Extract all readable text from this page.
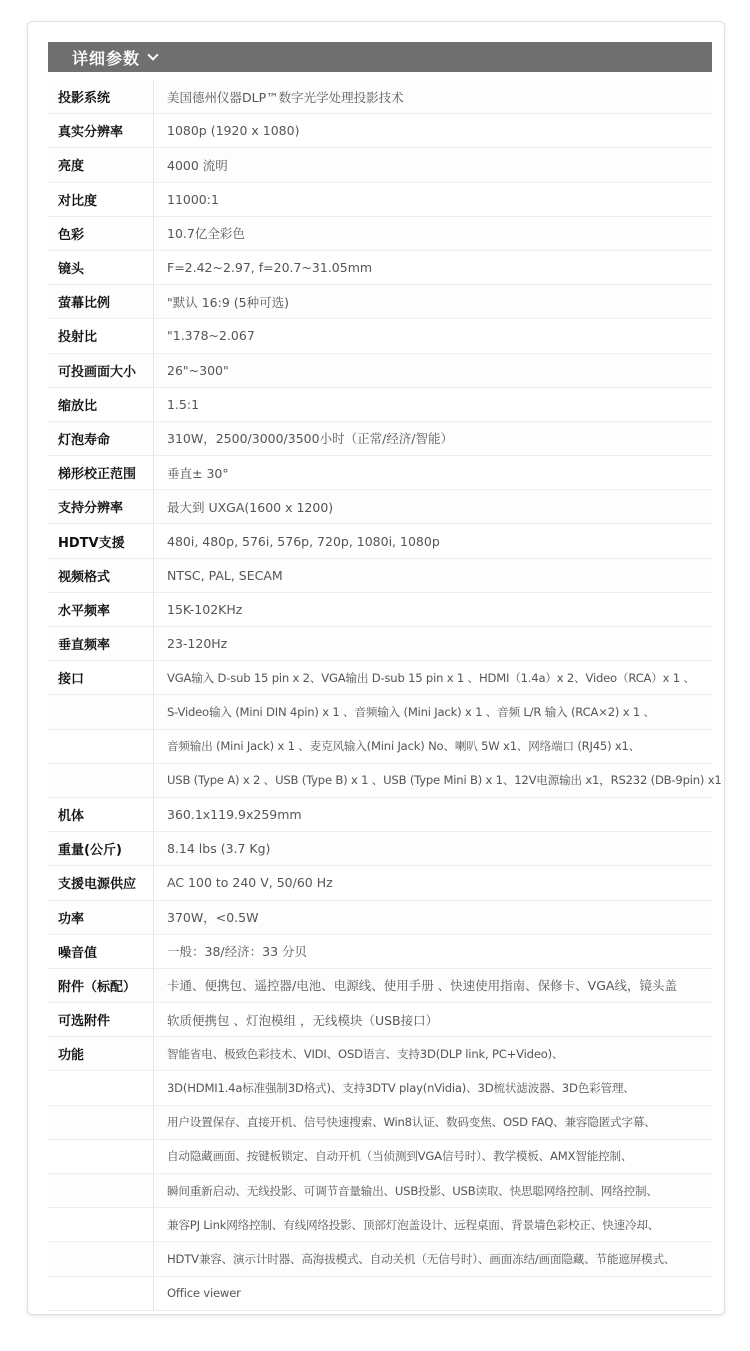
详细参数
投影系统	美国德州仪器DLP™数字光学处理投影技术
真实分辨率	1080p (1920 x 1080)
亮度	4000 流明
对比度	11000:1
色彩	10.7亿全彩色
镜头	F=2.42~2.97, f=20.7~31.05mm
萤幕比例	"默认 16:9 (5种可选)
投射比	"1.378~2.067
可投画面大小	26"~300"
缩放比	1.5:1
灯泡寿命	310W，2500/3000/3500小时（正常/经济/智能）
梯形校正范围	垂直± 30°
支持分辨率	最大到 UXGA(1600 x 1200)
HDTV支援	480i, 480p, 576i, 576p, 720p, 1080i, 1080p
视频格式	NTSC, PAL, SECAM
水平频率	15K-102KHz
垂直频率	23-120Hz
接口	VGA输入 D-sub 15 pin x 2、VGA输出 D-sub 15 pin x 1 、HDMI（1.4a）x 2、Video（RCA）x 1 、
S-Video输入 (Mini DIN 4pin) x 1 、音频输入 (Mini Jack) x 1 、音频 L/R 输入 (RCA×2) x 1 、
音频输出 (Mini Jack) x 1 、麦克风输入(Mini Jack) No、喇叭 5W x1、网络端口 (RJ45) x1、
USB (Type A) x 2 、USB (Type B) x 1 、USB (Type Mini B) x 1、12V电源输出 x1，RS232 (DB-9pin) x1
机体	360.1x119.9x259mm
重量(公斤)	8.14 lbs (3.7 Kg)
支援电源供应	AC 100 to 240 V, 50/60 Hz
功率	370W，<0.5W
噪音值	一般：38/经济：33 分贝
附件（标配）	卡通、便携包、遥控器/电池、电源线、使用手册 、快速使用指南、保修卡、VGA线，镜头盖
可选附件	软质便携包 、灯泡模组 ，无线模块（USB接口）
功能	智能省电、极致色彩技术、VIDI、OSD语言、支持3D(DLP link, PC+Video)、
3D(HDMI1.4a标准强制3D格式)、支持3DTV play(nVidia)、3D梳状滤波器、3D色彩管理、
用户设置保存、直接开机、信号快速搜索、Win8认证、数码变焦、OSD FAQ、兼容隐匿式字幕、
自动隐藏画面、按键板锁定、自动开机（当侦测到VGA信号时）、教学模板、AMX智能控制、
瞬间重新启动、无线投影、可调节音量输出、USB投影、USB读取、快思聪网络控制、网络控制、
兼容PJ Link网络控制、有线网络投影、顶部灯泡盖设计、远程桌面、背景墙色彩校正、快速冷却、
HDTV兼容、演示计时器、高海拔模式、自动关机（无信号时）、画面冻结/画面隐藏、节能遮屏模式、
Office viewer
